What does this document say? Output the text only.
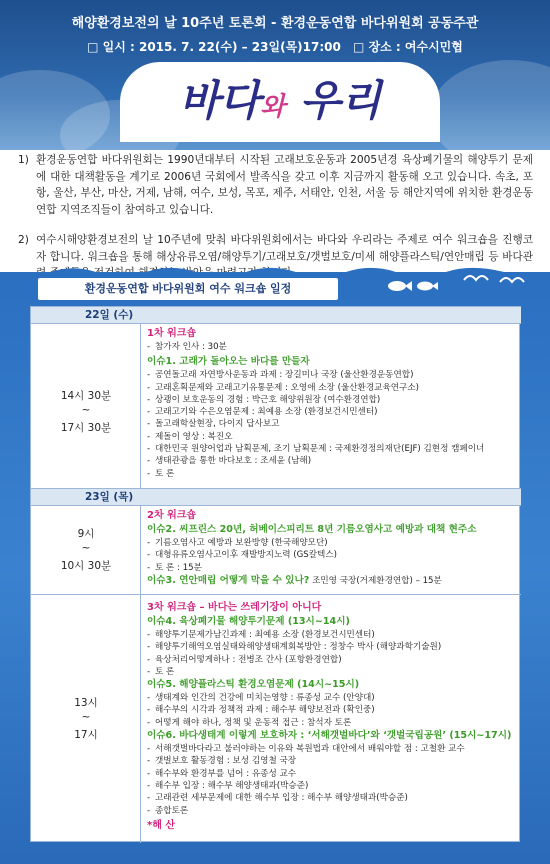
해양환경보전의 날 10주년 토론회 - 환경운동연합 바다위원회 공동주관
□ 일시 : 2015. 7. 22(수) – 23일(목)17:00 □ 장소 : 여수시민협
바다와 우리

1) 환경운동연합 바다위원회는 1990년대부터 시작된 고래보호운동과 2005년경 육상폐기물의 해양투기 문제에 대한 대책활동을 계기로 2006년 국회에서 발족식을 갖고 이후 지금까지 활동해 오고 있습니다. 속초, 포항, 울산, 부산, 마산, 거제, 남해, 여수, 보성, 목포, 제주, 서태안, 인천, 서울 등 해안지역에 위치한 환경운동연합 지역조직들이 참여하고 있습니다.

2) 여수시해양환경보전의 날 10주년에 맞춰 바다위원회에서는 바다와 우리라는 주제로 여수 워크숍을 진행코자 합니다. 워크숍을 통해 해상유류오염/해양투기/고래보호/갯벌보호/미세 해양플라스틱/연안매립 등 바다관

환경운동연합 바다위원회 여수 워크숍 일정
22일 (수)
14시 30분
~
17시 30분
1차 워크숍
- 참가자 인사 : 30분
이슈1. 고래가 돌아오는 바다를 만들자
- 공연돌고래 자연방사운동과 과제 : 장길미나 국장 (울산환경운동연합)
- 고래혼획문제와 고래고기유통문제 : 오영애 소장 (울산환경교육연구소)
- 상괭이 보호운동의 경험 : 박근호 해양위원장 (여수환경연합)
- 고래고기와 수은오염문제 : 최예용 소장 (환경보건시민센터)
- 돌고래학살현장, 다이지 답사보고
- 제돌이 영상 : 복진오
- 대한민국 원양어업과 남획문제, 조기 남획문제 : 국제환경정의재단(EJF) 김현정 캠페이너
- 생태관광을 통한 바다보호 : 조세윤 (남해)
- 토 론
23일 (목)
9시
~
10시 30분
2차 워크숍
이슈2. 씨프린스 20년, 허베이스피리트 8년 기름오염사고 예방과 대책 현주소
- 기름오염사고 예방과 보완방향 (한국해양모단)
- 대형유류오염사고이후 재발방지노력 (GS칼텍스)
- 토 론 : 15분
이슈3. 연안매립 어떻게 막을 수 있나? 조민영 국장(거제환경연합) – 15분
13시
~
17시
3차 워크숍 – 바다는 쓰레기장이 아니다
이슈4. 육상폐기물 해양투기문제 (13시~14시)
- 해양투기문제가남긴과제 : 최예용 소장 (환경보건시민센터)
- 해양투기해역오염실태와해양생태계회복방안 : 정창수 박사 (해양과학기술원)
- 육상처리어떻게하나 : 전병조 간사 (포항환경연합)
- 토 론
이슈5. 해양플라스틱 환경오염문제 (14시~15시)
- 생태계와 인간의 건강에 미치는영향 : 류종성 교수 (안양대)
- 해수부의 시각과 정책적 과제 : 해수부 해양보전과 (확인중)
- 어떻게 해야 하나, 정책 및 운동적 접근 : 참석자 토론
이슈6. 바다생태계 이렇게 보호하자 : ‘서해갯벌바다’와 ‘갯벌국립공원’ (15시~17시)
- 서해갯벌바다라고 불러야하는 이유와 복원법과 대안에서 배워야할 점 : 고철환 교수
- 갯벌보호 활동경험 : 보성 김영철 국장
- 해수부와 환경부를 넘어 : 유종성 교수
- 해수부 입장 : 해수부 해양생태과(박승준)
- 고래관련 세부문제에 대한 해수부 입장 : 해수부 해양생태과(박승준)
- 종합토론
*해 산
